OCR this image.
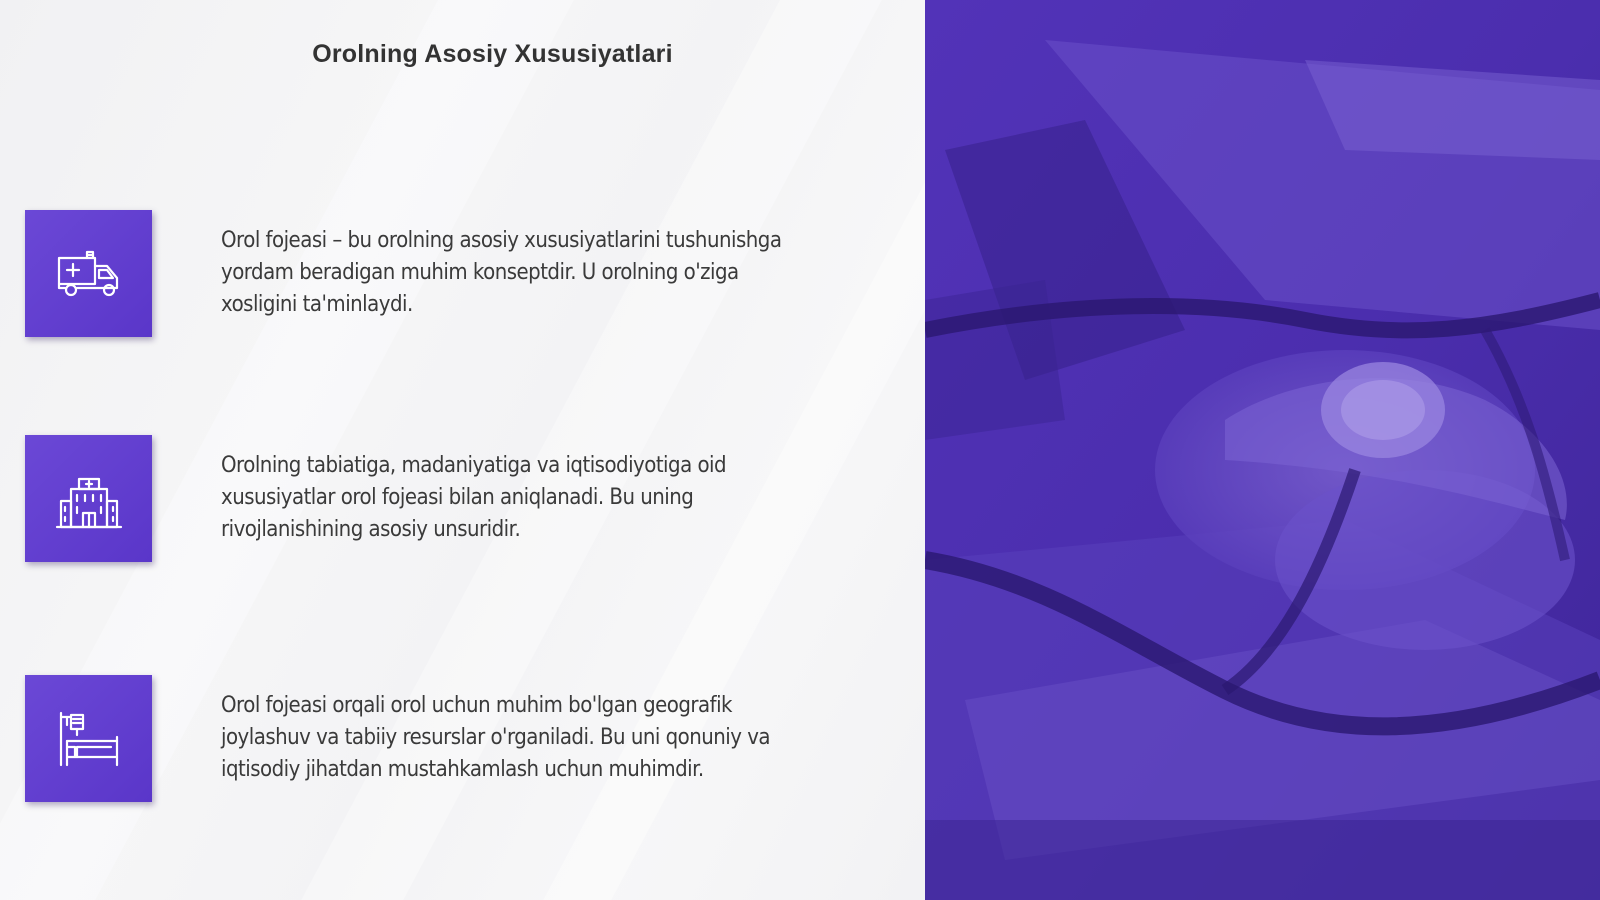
Orolning Asosiy Xususiyatlari
Orol fojeasi – bu orolning asosiy xususiyatlarini tushunishga yordam beradigan muhim konseptdir. U orolning o'ziga xosligini ta'minlaydi.
Orolning tabiatiga, madaniyatiga va iqtisodiyotiga oid xususiyatlar orol fojeasi bilan aniqlanadi. Bu uning rivojlanishining asosiy unsuridir.
Orol fojeasi orqali orol uchun muhim bo'lgan geografik joylashuv va tabiiy resurslar o'rganiladi. Bu uni qonuniy va iqtisodiy jihatdan mustahkamlash uchun muhimdir.
